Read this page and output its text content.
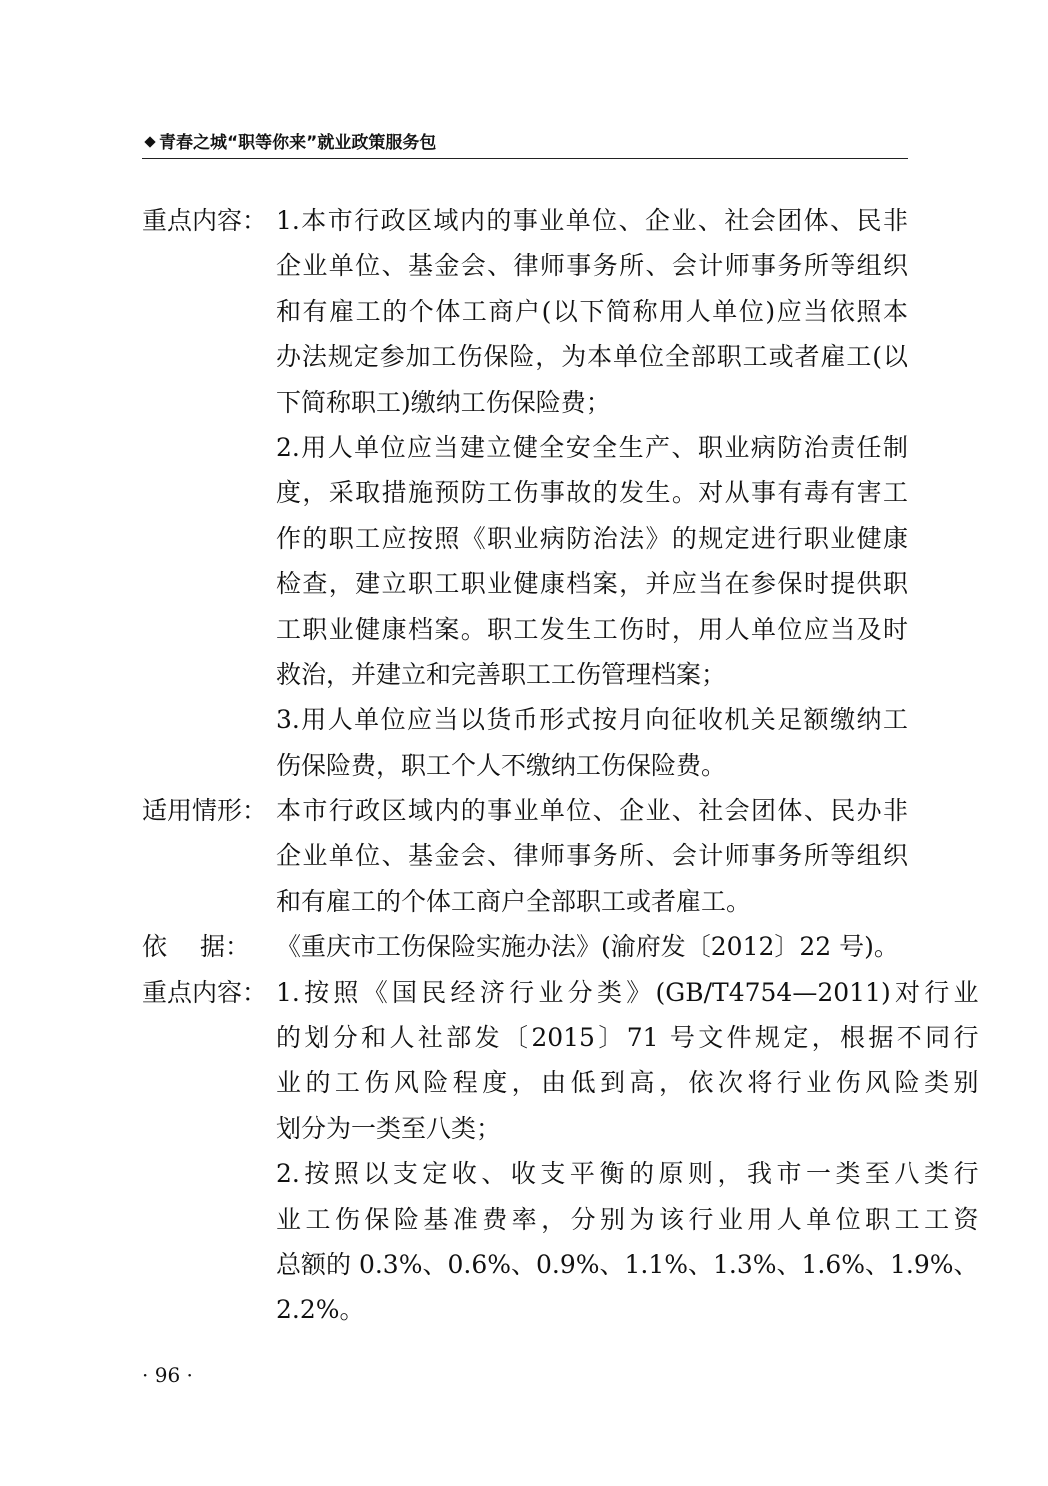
青春之城“职等你来”就业政策服务包
重点内容： 1.本市行政区域内的事业单位、企业、社会团体、民非
企业单位、基金会、律师事务所、会计师事务所等组织
和有雇工的个体工商户(以下简称用人单位)应当依照本
办法规定参加工伤保险，为本单位全部职工或者雇工(以
下简称职工)缴纳工伤保险费；
2.用人单位应当建立健全安全生产、职业病防治责任制
度，采取措施预防工伤事故的发生。对从事有毒有害工
作的职工应按照《职业病防治法》的规定进行职业健康
检查，建立职工职业健康档案，并应当在参保时提供职
工职业健康档案。职工发生工伤时，用人单位应当及时
救治，并建立和完善职工工伤管理档案；
3.用人单位应当以货币形式按月向征收机关足额缴纳工
伤保险费，职工个人不缴纳工伤保险费。
适用情形： 本市行政区域内的事业单位、企业、社会团体、民办非
企业单位、基金会、律师事务所、会计师事务所等组织
和有雇工的个体工商户全部职工或者雇工。
依 据： 《重庆市工伤保险实施办法》(渝府发〔2012〕22 号)。
重点内容： 1.按照《国民经济行业分类》(GB/T4754—2011)对行业
的划分和人社部发〔2015〕71 号文件规定，根据不同行
业的工伤风险程度，由低到高，依次将行业伤风险类别
划分为一类至八类；
2.按照以支定收、收支平衡的原则，我市一类至八类行
业工伤保险基准费率，分别为该行业用人单位职工工资
总额的 0.3%、0.6%、0.9%、1.1%、1.3%、1.6%、1.9%、
2.2%。
· 96 ·
